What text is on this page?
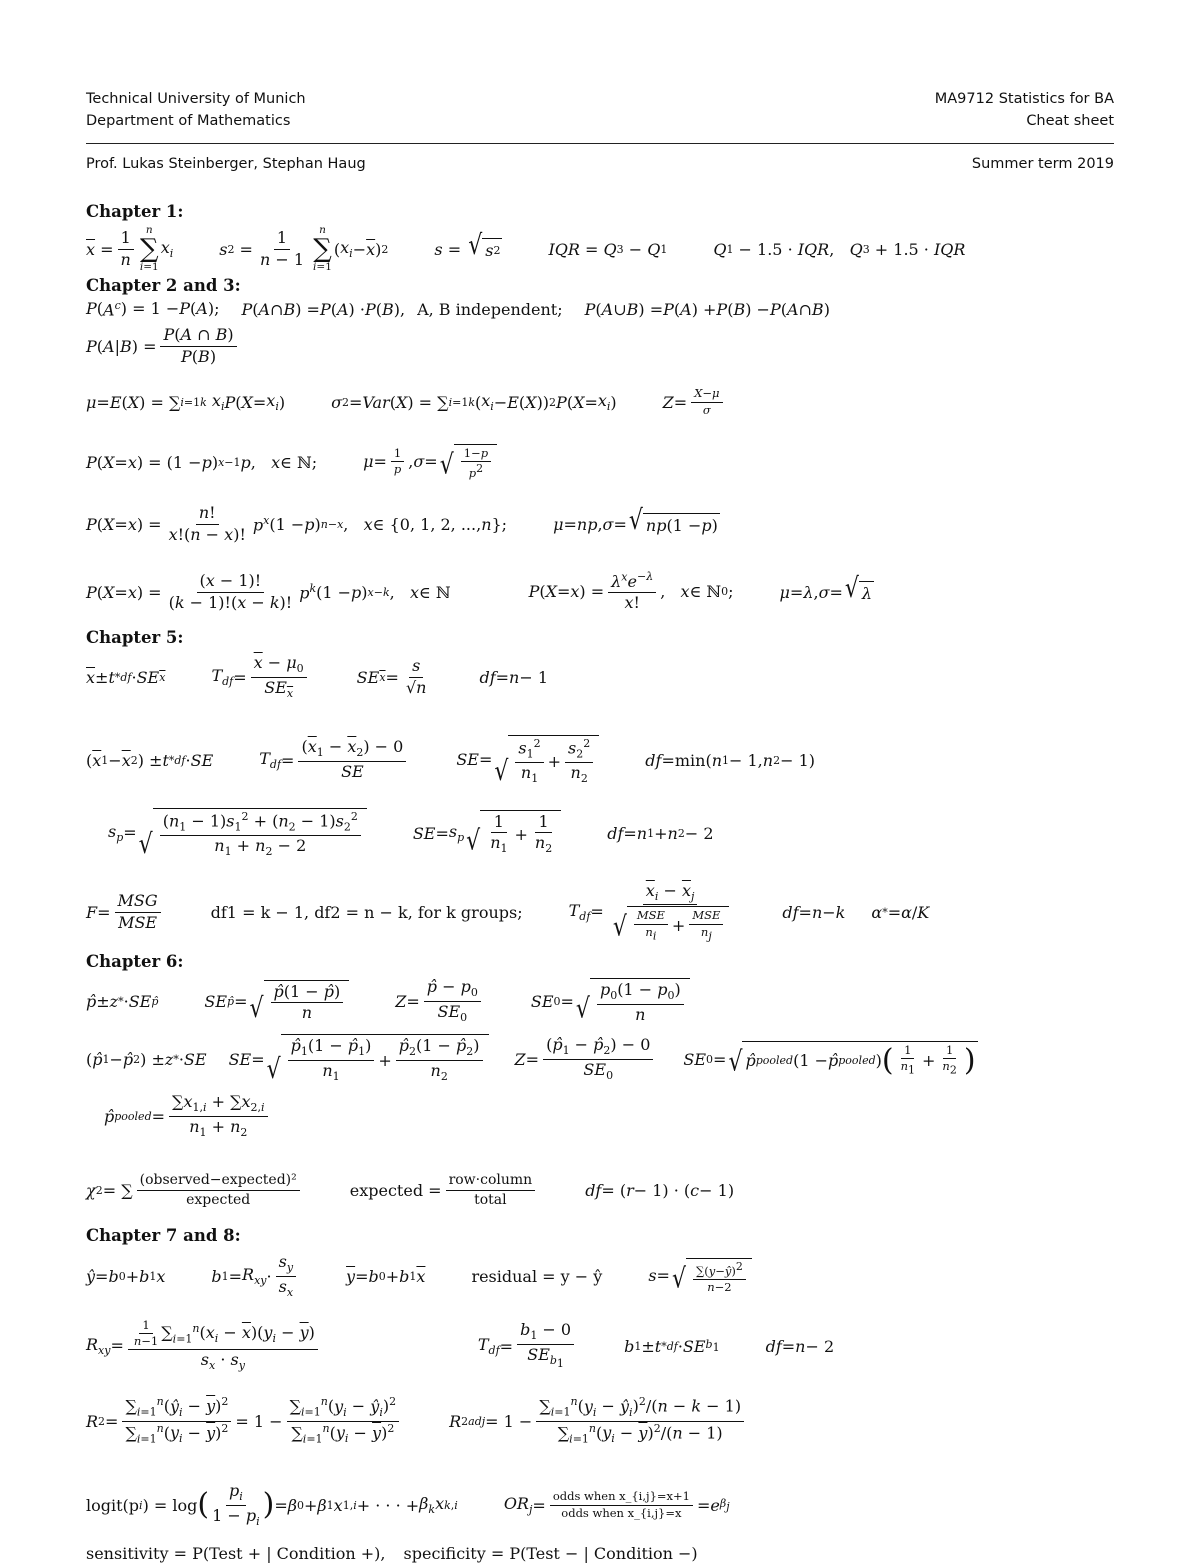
Technical University of Munich
Department of Mathematics
MA9712 Statistics for BA
Cheat sheet
Prof. Lukas Steinberger, Stephan Haug	Summer term 2019
Chapter 1:
$\overline{x} = \frac{1}{n}$ n
∑
i=1
$x_i$	s $2 = \frac{1}{n - 1}$ n
∑
i=1
( $x_i - \overline{x}$ ) 2	s = √ s 2	IQR = Q 3 − Q 1	Q 1 − 1.5 · IQR , Q 3 + 1.5 · IQR
Chapter 2 and 3:
P ( $A^c$ ) = 1 − P ( A ); P ( A ∩ B ) = P ( A ) · P ( B ), A, B independent; P ( A ∪ B ) = P ( A ) + P ( B ) − P ( A ∩ B )
P ( A | B ) = $\frac{P(A \cap B)}{P(B)}$
μ = E ( X ) = ∑ i=1 k
$x_i$ P ( $X = x_i$ )	σ 2 = Var ( X ) = ∑ i=1 k ( $x_i - E$ ( X )) 2 P ( $X = x_i$ )	$Z = \frac{X-\mu}{\sigma}$
P ( X = x ) = (1 − p ) x−1 p , x ∈ ℕ;	$\mu = \frac{1}{p}$ , σ = √ $\frac{1-p}{p^2}$
P ( X = x ) = $\frac{n!}{x!(n - x)!} p^x$ (1 − p ) n−x , x ∈ {0, 1, 2, ..., n };	μ = np , σ = √ np (1 − p )
P ( X = x ) = $\frac{(x - 1)!}{(k - 1)!(x - k)!} p^k$ (1 − p ) x−k , x ∈ ℕ	P ( X = x ) = $\frac{\lambda^xe^{-\lambda}}{x!}$ , x ∈ ℕ 0 ;	μ = λ , σ = √ λ
Chapter 5:
$\overline{x} \pm t$ * df · SE $\overline{x}$	$T_{df} = \frac{\overline{x} - \mu_0}{SE_{\overline{x}}}$	SE $\overline{x} = \frac{s}{√n}$	df = n − 1
( $\overline{x}$ $1 - \overline{x}$ 2 ) ± t * df · SE	$T_{df} = \frac{(\overline{x}_1 - \overline{x}_2) - 0}{SE}$	SE = √ $\frac{s_1^2}{n_1} + \frac{s_2^2}{n_2}$	df =min( n 1 − 1, n 2 − 1)
$s_p$ = √ $\frac{(n_1 - 1)s_1^2 + (n_2 - 1)s_2^2}{n_1 + n_2 - 2}$	SE = $s_p$ √ $\frac{1}{n_1} + \frac{1}{n_2}$	df = n 1 + n 2 − 2
$F = \frac{\text{MSG}}{\text{MSE}}$	df1 = k − 1, df2 = n − k, for k groups;	$T_{df} = \frac{\overline{x}_i - \overline{x}_j}{√ \frac{\text{MSE}}{n_i} + \frac{\text{MSE}}{n_j}}$	df = n − k α * = α / K
Chapter 6:
p̂ ± z * · SE p̂	SE p̂ = √ $\frac{p̂(1 - p̂)}{n}$	$Z = \frac{p̂ - p_0}{SE_0}$	SE 0 = √ $\frac{p_0(1 - p_0)}{n}$
( p̂ 1 − p̂ 2 ) ± z * · SE SE = √ $\frac{p̂_1(1 - p̂_1)}{n_1} + \frac{p̂_2(1 - p̂_2)}{n_2}$ $Z = \frac{(p̂_1 - p̂_2) - 0}{SE_0}$ SE 0 = √ p̂ pooled (1 − p̂ pooled ) ( $\frac{1}{n_1} + \frac{1}{n_2}$ )
p̂ pooled = $\frac{\sum x_{1,i} + \sum x_{2,i}}{n_1 + n_2}$
χ 2 = ∑ $\frac{\text{(observed−expected)²}}{\text{expected}}$	expected = $\frac{\text{row·column}}{\text{total}}$	df = ( r − 1) · ( c − 1)
Chapter 7 and 8:
ŷ = b 0 + b 1 x	b $1 = R_{xy} \cdot \frac{s_y}{s_x}$	$\overline{y} = b$ 0 + b 1 $\overline{x}$	residual = y − ŷ	s = √ $\frac{\sum(y-ŷ)^2}{n-2}$
$R_{xy} = \frac{\frac{1}{n-1} \sum_{i=1}^n(x_i - \overline{x})(y_i - \overline{y})}{s_x \cdot s_y}$	$T_{df} = \frac{b_1 - 0}{SE_{b_1}}$	b 1 ± t * df · SE $b_1$	df = n − 2
R $2 = \frac{\sum_{i=1}^n(ŷ_i - \overline{y})^2}{\sum_{i=1}^n(y_i - \overline{y})^2} = 1 - \frac{\sum_{i=1}^n(y_i - ŷ_i)^2}{\sum_{i=1}^n(y_i - \overline{y})^2}$	R 2 adj = $1 - \frac{\sum_{i=1}^n(y_i - ŷ_i)^2/(n - k - 1)}{\sum_{i=1}^n(y_i - \overline{y})^2/(n - 1)}$
logit(p i ) = log ( $\frac{p_i}{1 - p_i}$ ) = β 0 + β 1 x 1,i + · · · + $\beta_kx$ k,i	$OR_j = \frac{\text{odds when x\_\{i,j\}=x+1}}{\text{odds when x\_\{i,j\}=x}} = e$ $\beta_j$
sensitivity = P(Test + | Condition +), specificity = P(Test − | Condition −)
